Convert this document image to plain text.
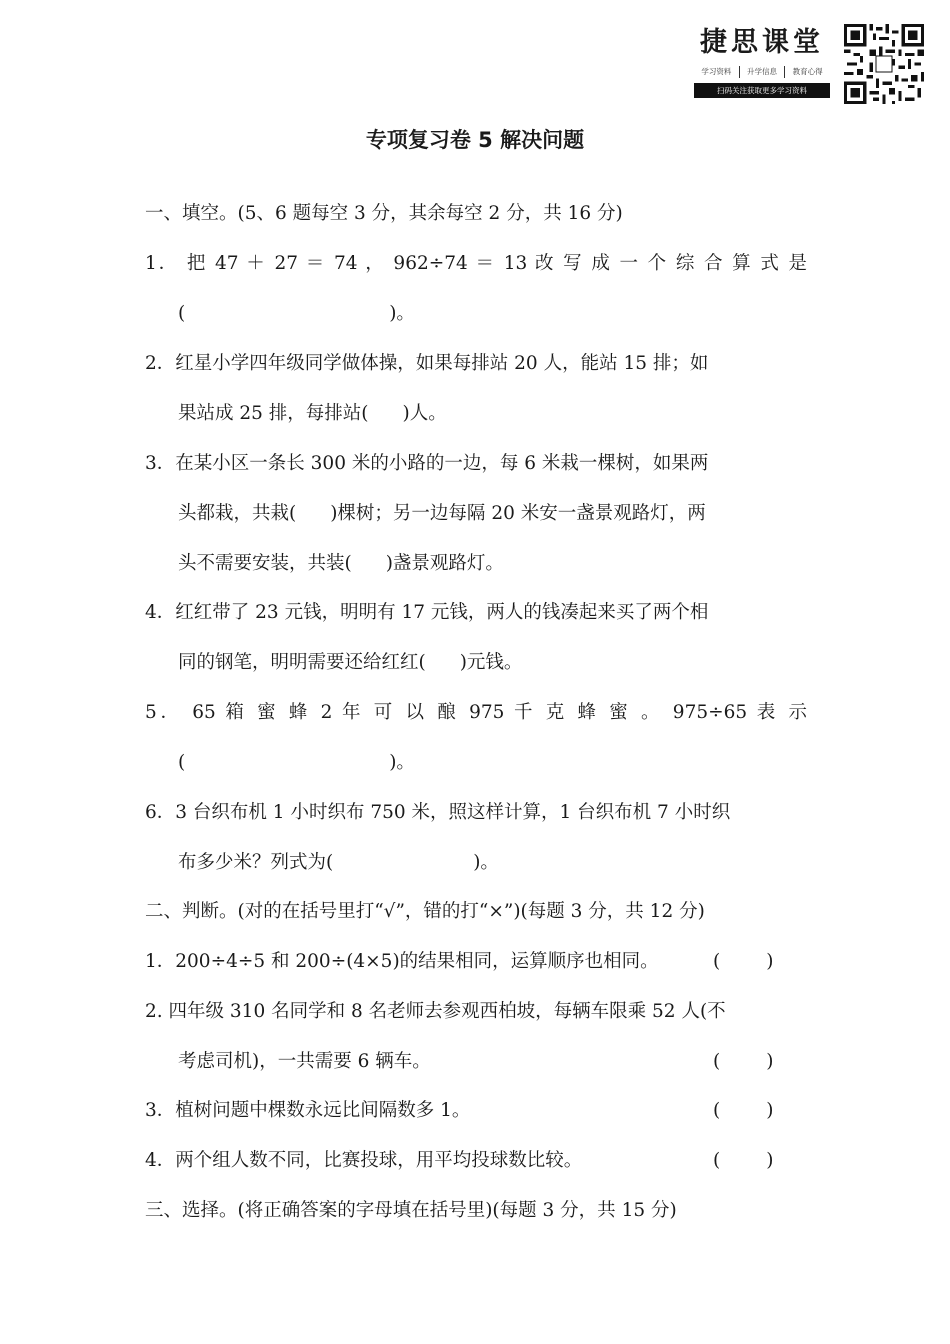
捷思课堂
学习资料	升学信息	教育心得
扫码关注获取更多学习资料
专项复习卷 5 解决问题
一、填空。(5、6 题每空 3 分，其余每空 2 分，共 16 分)
1． 把 47 ＋ 27 ＝ 74 ， 962÷74 ＝ 13 改 写 成 一 个 综 合 算 式 是
(	)。
2．红星小学四年级同学做体操，如果每排站 20 人，能站 15 排；如
果站成 25 排，每排站( )人。
3．在某小区一条长 300 米的小路的一边，每 6 米栽一棵树，如果两
头都栽，共栽( )棵树；另一边每隔 20 米安一盏景观路灯，两
头不需要安装，共装( )盏景观路灯。
4．红红带了 23 元钱，明明有 17 元钱，两人的钱凑起来买了两个相
同的钢笔，明明需要还给红红( )元钱。
5． 65 箱 蜜 蜂 2 年 可 以 酿 975 千 克 蜂 蜜 。 975÷65 表 示
(	)。
6．3 台织布机 1 小时织布 750 米，照这样计算，1 台织布机 7 小时织
布多少米？列式为(	)。
二、判断。(对的在括号里打“√”，错的打“×”)(每题 3 分，共 12 分)
1．200÷4÷5 和 200÷(4×5)的结果相同，运算顺序也相同。	( )
2. 四年级 310 名同学和 8 名老师去参观西柏坡，每辆车限乘 52 人(不
考虑司机)，一共需要 6 辆车。	( )
3．植树问题中棵数永远比间隔数多 1。	( )
4．两个组人数不同，比赛投球，用平均投球数比较。	( )
三、选择。(将正确答案的字母填在括号里)(每题 3 分，共 15 分)
